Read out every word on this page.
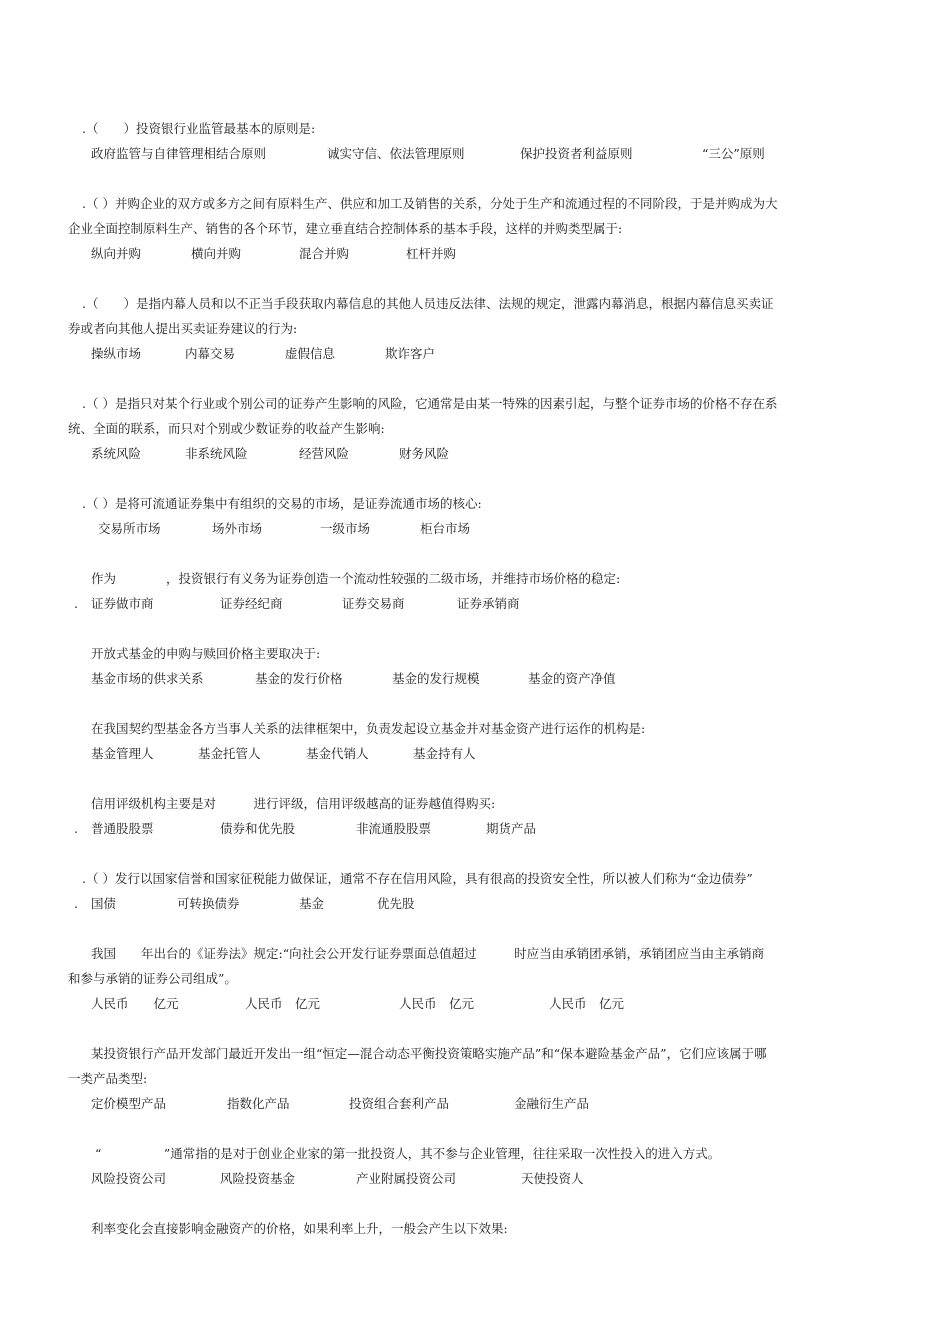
.（　　）投资银行业监管最基本的原则是:
政府监管与自律管理相结合原则	诚实守信、依法管理原则	保护投资者利益原则	“三公”原则
.（ ）并购企业的双方或多方之间有原料生产、供应和加工及销售的关系，分处于生产和流通过程的不同阶段，于是并购成为大
企业全面控制原料生产、销售的各个环节，建立垂直结合控制体系的基本手段，这样的并购类型属于:
纵向并购	横向并购	混合并购	杠杆并购
.（　　）是指内幕人员和以不正当手段获取内幕信息的其他人员违反法律、法规的规定，泄露内幕消息，根据内幕信息买卖证
券或者向其他人提出买卖证券建议的行为:
操纵市场	内幕交易	虚假信息	欺诈客户
.（ ）是指只对某个行业或个别公司的证券产生影响的风险，它通常是由某一特殊的因素引起，与整个证券市场的价格不存在系
统、全面的联系，而只对个别或少数证券的收益产生影响:
系统风险	非系统风险	经营风险	财务风险
.（ ）是将可流通证券集中有组织的交易的市场，是证券流通市场的核心:
交易所市场	场外市场	一级市场	柜台市场
作为　　　　，投资银行有义务为证券创造一个流动性较强的二级市场，并维持市场价格的稳定:
. 证券做市商	证券经纪商	证券交易商	证券承销商
开放式基金的申购与赎回价格主要取决于:
基金市场的供求关系	基金的发行价格	基金的发行规模	基金的资产净值
在我国契约型基金各方当事人关系的法律框架中，负责发起设立基金并对基金资产进行运作的机构是:
基金管理人	基金托管人	基金代销人	基金持有人
信用评级机构主要是对　　　进行评级，信用评级越高的证券越值得购买:
. 普通股股票	债券和优先股	非流通股股票	期货产品
.（ ）发行以国家信誉和国家征税能力做保证，通常不存在信用风险，具有很高的投资安全性，所以被人们称为“金边债券”
. 国债	可转换债券	基金	优先股
我国　　年出台的《证券法》规定:“向社会公开发行证券票面总值超过　　　时应当由承销团承销，承销团应当由主承销商
和参与承销的证券公司组成”。
人民币　　亿元	人民币　亿元	人民币　亿元	人民币　亿元
某投资银行产品开发部门最近开发出一组“恒定—混合动态平衡投资策略实施产品”和“保本避险基金产品”，它们应该属于哪
一类产品类型:
定价模型产品	指数化产品	投资组合套利产品	金融衍生产品
“　　　　　”通常指的是对于创业企业家的第一批投资人，其不参与企业管理，往往采取一次性投入的进入方式。
风险投资公司	风险投资基金	产业附属投资公司	天使投资人
利率变化会直接影响金融资产的价格，如果利率上升，一般会产生以下效果:
